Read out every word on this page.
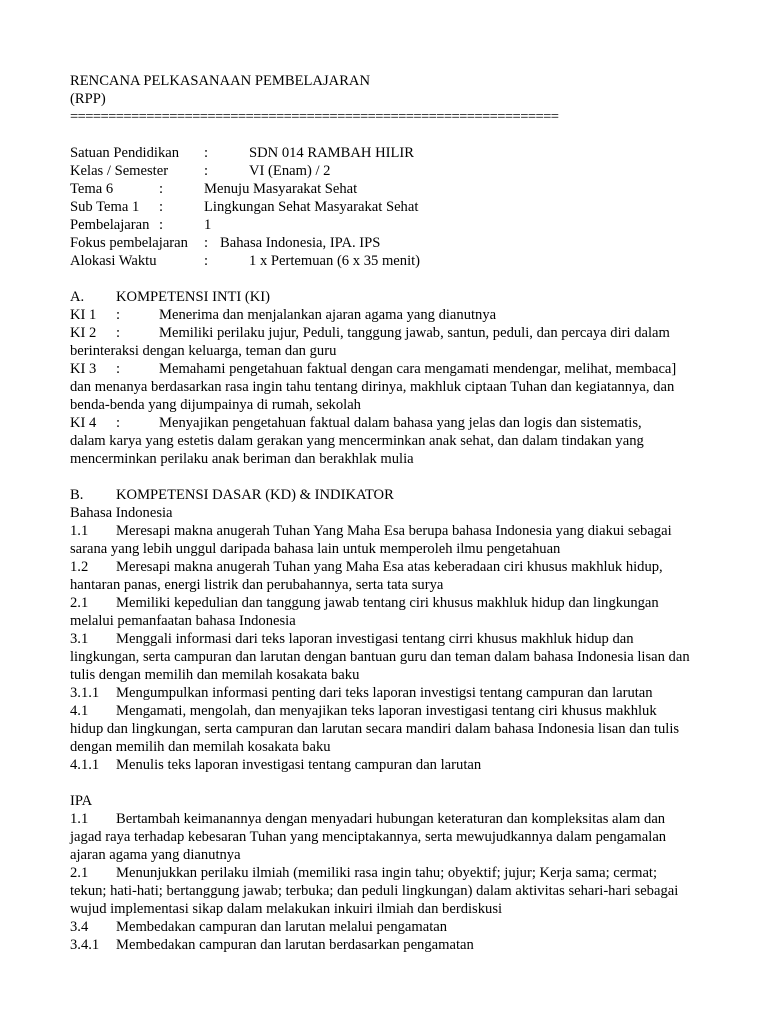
RENCANA PELKASANAAN PEMBELAJARAN
(RPP)
================================================================
Satuan Pendidikan :	SDN 014 RAMBAH HILIR
Kelas / Semester :	VI (Enam) / 2
Tema 6	:	Menuju Masyarakat Sehat
Sub Tema 1 :	Lingkungan Sehat Masyarakat Sehat
Pembelajaran :	1
Fokus pembelajaran : Bahasa Indonesia, IPA. IPS
Alokasi Waktu	:	1 x Pertemuan (6 x 35 menit)
A. KOMPETENSI INTI (KI)
KI 1 :	Menerima dan menjalankan ajaran agama yang dianutnya
KI 2 :	Memiliki perilaku jujur, Peduli, tanggung jawab, santun, peduli, dan percaya diri dalam
berinteraksi dengan keluarga, teman dan guru
KI 3 :	Memahami pengetahuan faktual dengan cara mengamati mendengar, melihat, membaca]
dan menanya berdasarkan rasa ingin tahu tentang dirinya, makhluk ciptaan Tuhan dan kegiatannya, dan benda-benda yang dijumpainya di rumah, sekolah
KI 4 :	Menyajikan pengetahuan faktual dalam bahasa yang jelas dan logis dan sistematis,
dalam karya yang estetis dalam gerakan yang mencerminkan anak sehat, dan dalam tindakan yang mencerminkan perilaku anak beriman dan berakhlak mulia
B. KOMPETENSI DASAR (KD) & INDIKATOR
Bahasa Indonesia
1.1 Meresapi makna anugerah Tuhan Yang Maha Esa berupa bahasa Indonesia yang diakui sebagai
sarana yang lebih unggul daripada bahasa lain untuk memperoleh ilmu pengetahuan
1.2 Meresapi makna anugerah Tuhan yang Maha Esa atas keberadaan ciri khusus makhluk hidup,
hantaran panas, energi listrik dan perubahannya, serta tata surya
2.1 Memiliki kepedulian dan tanggung jawab tentang ciri khusus makhluk hidup dan lingkungan
melalui pemanfaatan bahasa Indonesia
3.1 Menggali informasi dari teks laporan investigasi tentang cirri khusus makhluk hidup dan
lingkungan, serta campuran dan larutan dengan bantuan guru dan teman dalam bahasa Indonesia lisan dan tulis dengan memilih dan memilah kosakata baku
3.1.1 Mengumpulkan informasi penting dari teks laporan investigsi tentang campuran dan larutan
4.1 Mengamati, mengolah, dan menyajikan teks laporan investigasi tentang ciri khusus makhluk
hidup dan lingkungan, serta campuran dan larutan secara mandiri dalam bahasa Indonesia lisan dan tulis dengan memilih dan memilah kosakata baku
4.1.1 Menulis teks laporan investigasi tentang campuran dan larutan
IPA
1.1 Bertambah keimanannya dengan menyadari hubungan keteraturan dan kompleksitas alam dan
jagad raya terhadap kebesaran Tuhan yang menciptakannya, serta mewujudkannya dalam pengamalan ajaran agama yang dianutnya
2.1 Menunjukkan perilaku ilmiah (memiliki rasa ingin tahu; obyektif; jujur; Kerja sama; cermat;
tekun; hati-hati; bertanggung jawab; terbuka; dan peduli lingkungan) dalam aktivitas sehari-hari sebagai wujud implementasi sikap dalam melakukan inkuiri ilmiah dan berdiskusi
3.4 Membedakan campuran dan larutan melalui pengamatan
3.4.1 Membedakan campuran dan larutan berdasarkan pengamatan
